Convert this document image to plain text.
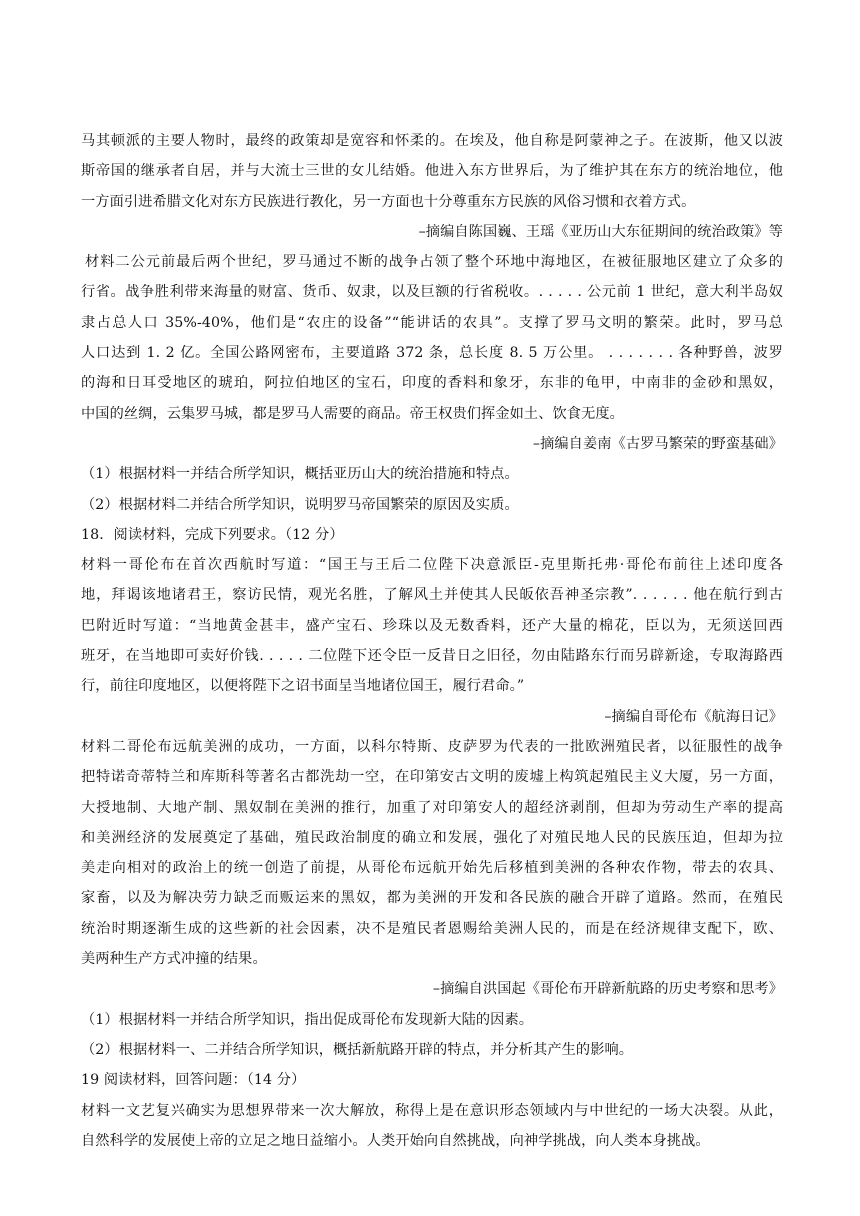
马其顿派的主要人物时，最终的政策却是宽容和怀柔的。在埃及，他自称是阿蒙神之子。在波斯，他又以波
斯帝国的继承者自居，并与大流士三世的女儿结婚。他进入东方世界后，为了维护其在东方的统治地位，他
一方面引进希腊文化对东方民族进行教化，另一方面也十分尊重东方民族的风俗习惯和衣着方式。
–摘编自陈国巍、王瑶《亚历山大东征期间的统治政策》等
材料二公元前最后两个世纪，罗马通过不断的战争占领了整个环地中海地区，在被征服地区建立了众多的
行省。战争胜利带来海量的财富、货币、奴隶，以及巨额的行省税收。. . . . . 公元前 1 世纪，意大利半岛奴
隶占总人口 35%-40%，他们是“农庄的设备”“能讲话的农具”。支撑了罗马文明的繁荣。此时，罗马总
人口达到 1. 2 亿。全国公路网密布，主要道路 372 条，总长度 8. 5 万公里。 . . . . . . . 各种野兽，波罗
的海和日耳受地区的琥珀，阿拉伯地区的宝石，印度的香料和象牙，东非的龟甲，中南非的金砂和黑奴，
中国的丝绸，云集罗马城，都是罗马人需要的商品。帝王权贵们挥金如土、饮食无度。
–摘编自姜南《古罗马繁荣的野蛮基础》
（1）根据材料一并结合所学知识，概括亚历山大的统治措施和特点。
（2）根据材料二并结合所学知识，说明罗马帝国繁荣的原因及实质。
18．阅读材料，完成下列要求。（12 分）
材料一哥伦布在首次西航时写道：“国王与王后二位陛下决意派臣-克里斯托弗·哥伦布前往上述印度各
地，拜谒该地诸君王，察访民情，观光名胜，了解风土并使其人民皈依吾神圣宗教”. . . . . . 他在航行到古
巴附近时写道：“当地黄金甚丰，盛产宝石、珍珠以及无数香料，还产大量的棉花，臣以为，无须送回西
班牙，在当地即可卖好价钱. . . . . 二位陛下还令臣一反昔日之旧径，勿由陆路东行而另辟新途，专取海路西
行，前往印度地区，以便将陛下之诏书面呈当地诸位国王，履行君命。”
–摘编自哥伦布《航海日记》
材料二哥伦布远航美洲的成功，一方面，以科尔特斯、皮萨罗为代表的一批欧洲殖民者，以征服性的战争
把特诺奇蒂特兰和库斯科等著名古都洗劫一空，在印第安古文明的废墟上构筑起殖民主义大厦，另一方面，
大授地制、大地产制、黑奴制在美洲的推行，加重了对印第安人的超经济剥削，但却为劳动生产率的提高
和美洲经济的发展奠定了基础，殖民政治制度的确立和发展，强化了对殖民地人民的民族压迫，但却为拉
美走向相对的政治上的统一创造了前提，从哥伦布远航开始先后移植到美洲的各种农作物，带去的农具、
家畜，以及为解决劳力缺乏而贩运来的黑奴，都为美洲的开发和各民族的融合开辟了道路。然而，在殖民
统治时期逐渐生成的这些新的社会因素，决不是殖民者恩赐给美洲人民的，而是在经济规律支配下，欧、
美两种生产方式冲撞的结果。
–摘编自洪国起《哥伦布开辟新航路的历史考察和思考》
（1）根据材料一并结合所学知识，指出促成哥伦布发现新大陆的因素。
（2）根据材料一、二并结合所学知识，概括新航路开辟的特点，并分析其产生的影响。
19 阅读材料，回答问题：（14 分）
材料一文艺复兴确实为思想界带来一次大解放，称得上是在意识形态领域内与中世纪的一场大决裂。从此，
自然科学的发展使上帝的立足之地日益缩小。人类开始向自然挑战，向神学挑战，向人类本身挑战。
